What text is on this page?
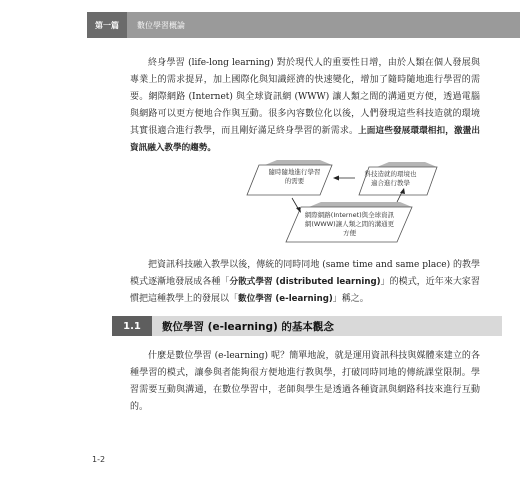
第一篇	數位學習概論

終身學習 (life-long learning) 對於現代人的重要性日增，由於人類在個人發展與專業上的需求提昇，加上國際化與知識經濟的快速變化，增加了隨時隨地進行學習的需要。網際網路 (Internet) 與全球資訊網 (WWW) 讓人類之間的溝通更方便，透過電腦與網路可以更方便地合作與互動。很多內容數位化以後，人們發現這些科技造就的環境其實很適合進行教學，而且剛好滿足終身學習的新需求。上面這些發展環環相扣，激盪出資訊融入教學的趨勢。

隨時隨地進行學習的需要
科技造就的環境也適合進行教學
網際網路(Internet)與全球資訊網(WWW)讓人類之間的溝通更方便

把資訊科技融入教學以後，傳統的同時同地 (same time and same place) 的教學模式逐漸地發展成各種「分散式學習 (distributed learning)」的模式，近年來大家習慣把這種教學上的發展以「數位學習 (e-learning)」稱之。

1.1	數位學習 (e-learning) 的基本觀念

什麼是數位學習 (e-learning) 呢？簡單地說，就是運用資訊科技與媒體來建立的各種學習的模式，讓參與者能夠很方便地進行教與學，打破同時同地的傳統課堂限制。學習需要互動與溝通，在數位學習中，老師與學生是透過各種資訊與網路科技來進行互動的。

1-2
